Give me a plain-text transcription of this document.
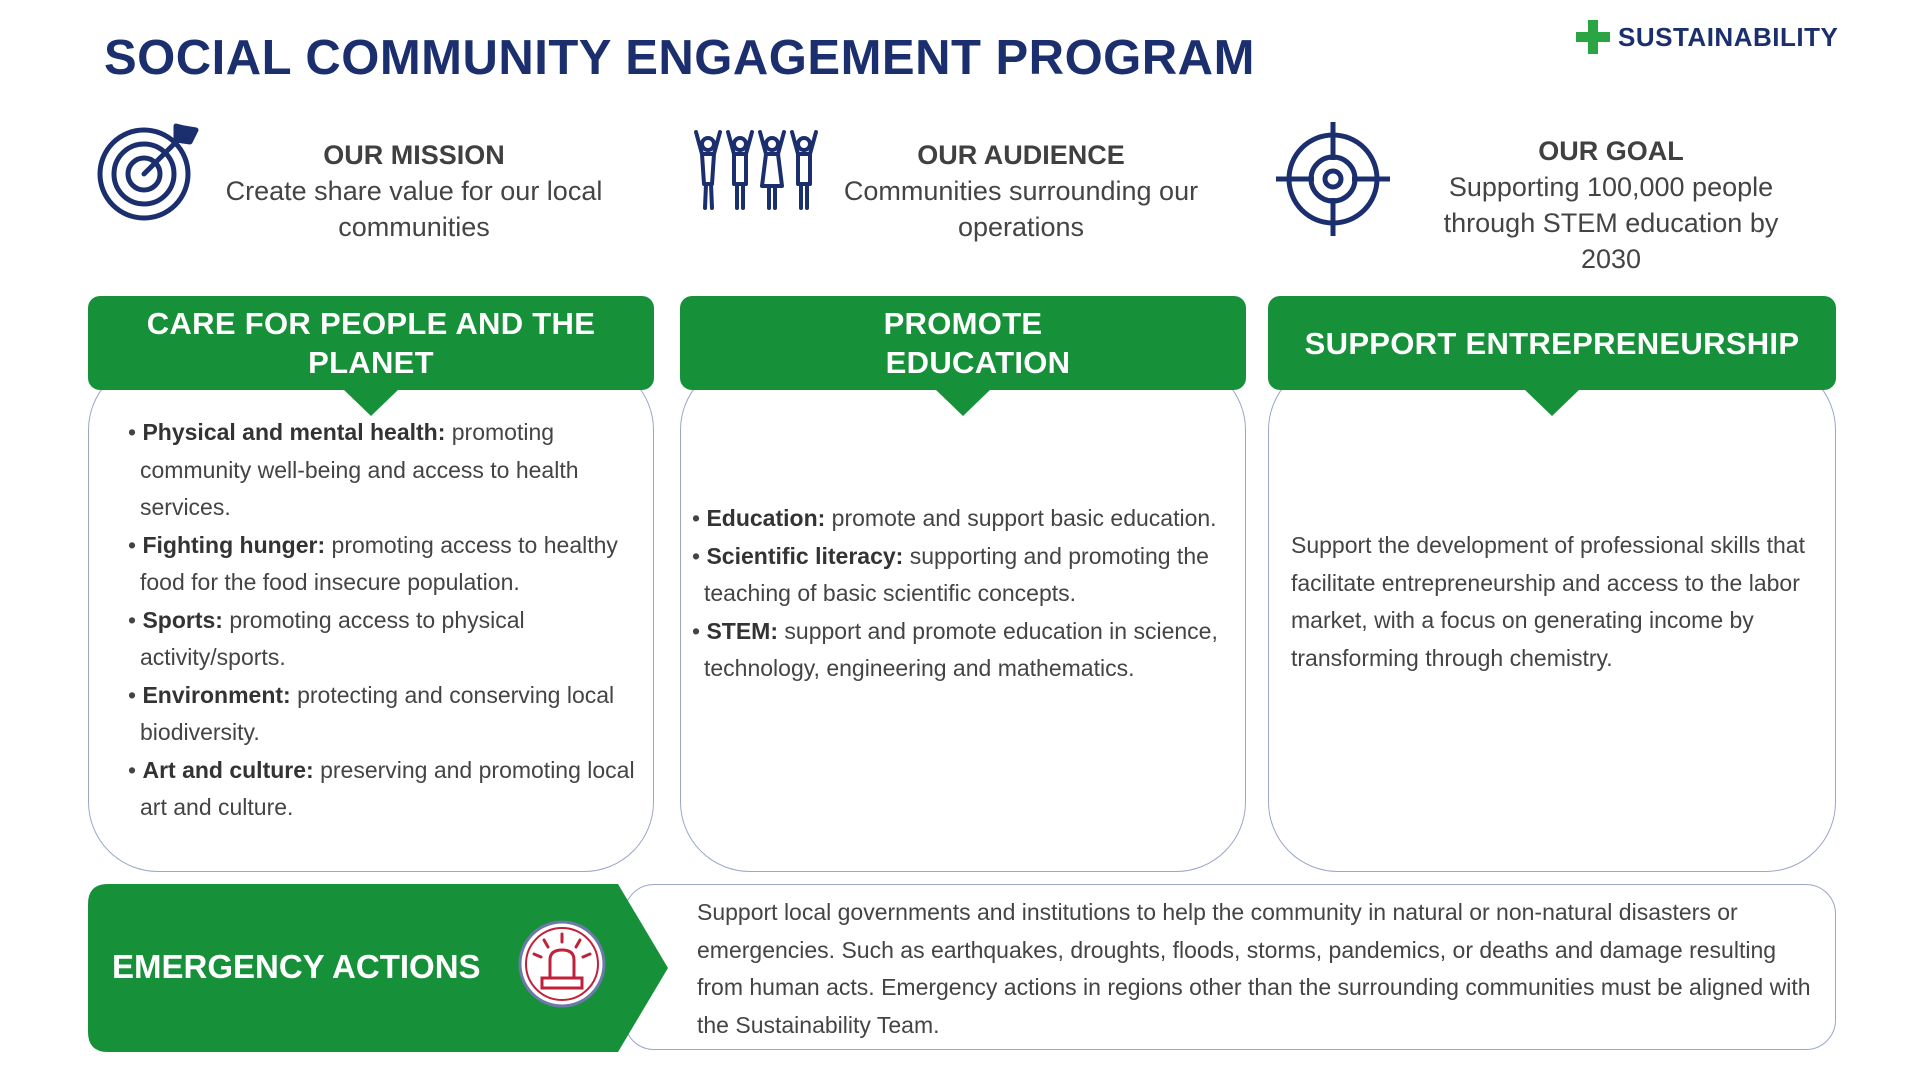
SOCIAL COMMUNITY ENGAGEMENT PROGRAM	SUSTAINABILITY
OUR MISSION
Create share value for our local
communities
OUR AUDIENCE
Communities surrounding our
operations
OUR GOAL
Supporting 100,000 people
through STEM education by
2030
CARE FOR PEOPLE AND THE
PLANET
• Physical and mental health: promoting community well-being and access to health services.
• Fighting hunger: promoting access to healthy food for the food insecure population.
• Sports: promoting access to physical activity/sports.
• Environment: protecting and conserving local biodiversity.
• Art and culture: preserving and promoting local art and culture.
PROMOTE
EDUCATION
• Education: promote and support basic education.
• Scientific literacy: supporting and promoting the teaching of basic scientific concepts.
• STEM: support and promote education in science, technology, engineering and mathematics.
SUPPORT ENTREPRENEURSHIP
Support the development of professional skills that facilitate entrepreneurship and access to the labor market, with a focus on generating income by transforming through chemistry.
EMERGENCY ACTIONS
Support local governments and institutions to help the community in natural or non-natural disasters or emergencies. Such as earthquakes, droughts, floods, storms, pandemics, or deaths and damage resulting from human acts. Emergency actions in regions other than the surrounding communities must be aligned with the Sustainability Team.
